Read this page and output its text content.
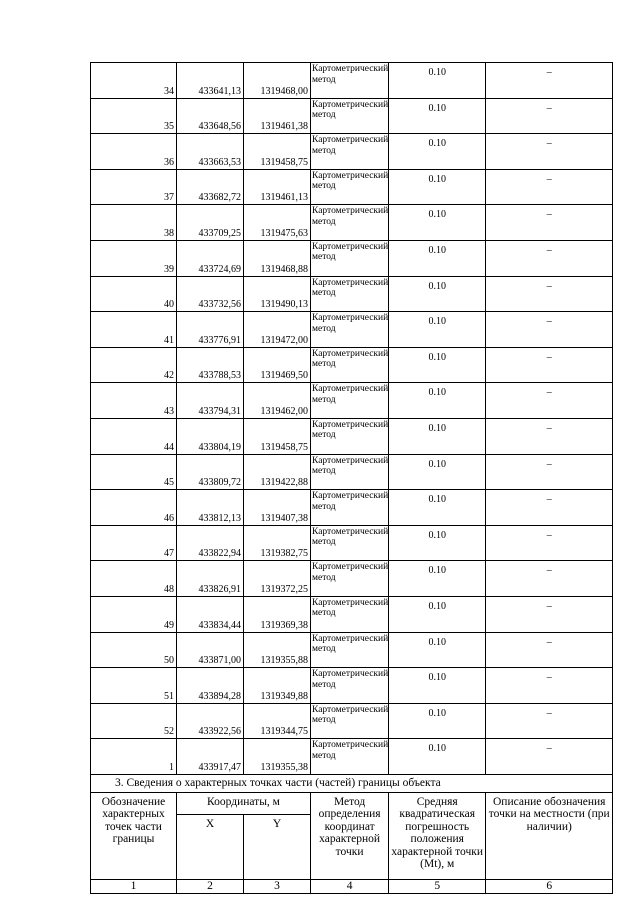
34	433641,13	1319468,00	Картометрический метод	0.10	–
35	433648,56	1319461,38	Картометрический метод	0.10	–
36	433663,53	1319458,75	Картометрический метод	0.10	–
37	433682,72	1319461,13	Картометрический метод	0.10	–
38	433709,25	1319475,63	Картометрический метод	0.10	–
39	433724,69	1319468,88	Картометрический метод	0.10	–
40	433732,56	1319490,13	Картометрический метод	0.10	–
41	433776,91	1319472,00	Картометрический метод	0.10	–
42	433788,53	1319469,50	Картометрический метод	0.10	–
43	433794,31	1319462,00	Картометрический метод	0.10	–
44	433804,19	1319458,75	Картометрический метод	0.10	–
45	433809,72	1319422,88	Картометрический метод	0.10	–
46	433812,13	1319407,38	Картометрический метод	0.10	–
47	433822,94	1319382,75	Картометрический метод	0.10	–
48	433826,91	1319372,25	Картометрический метод	0.10	–
49	433834,44	1319369,38	Картометрический метод	0.10	–
50	433871,00	1319355,88	Картометрический метод	0.10	–
51	433894,28	1319349,88	Картометрический метод	0.10	–
52	433922,56	1319344,75	Картометрический метод	0.10	–
1	433917,47	1319355,38	Картометрический метод	0.10	–
3. Сведения о характерных точках части (частей) границы объекта					
Обозначение характерных точек части границы	Координаты, м		Метод определения координат характерной точки	Средняя квадратическая погрешность положения характерной точки (Mt), м	Описание обозначения точки на местности (при наличии)
	X	Y			
1	2	3	4	5	6
